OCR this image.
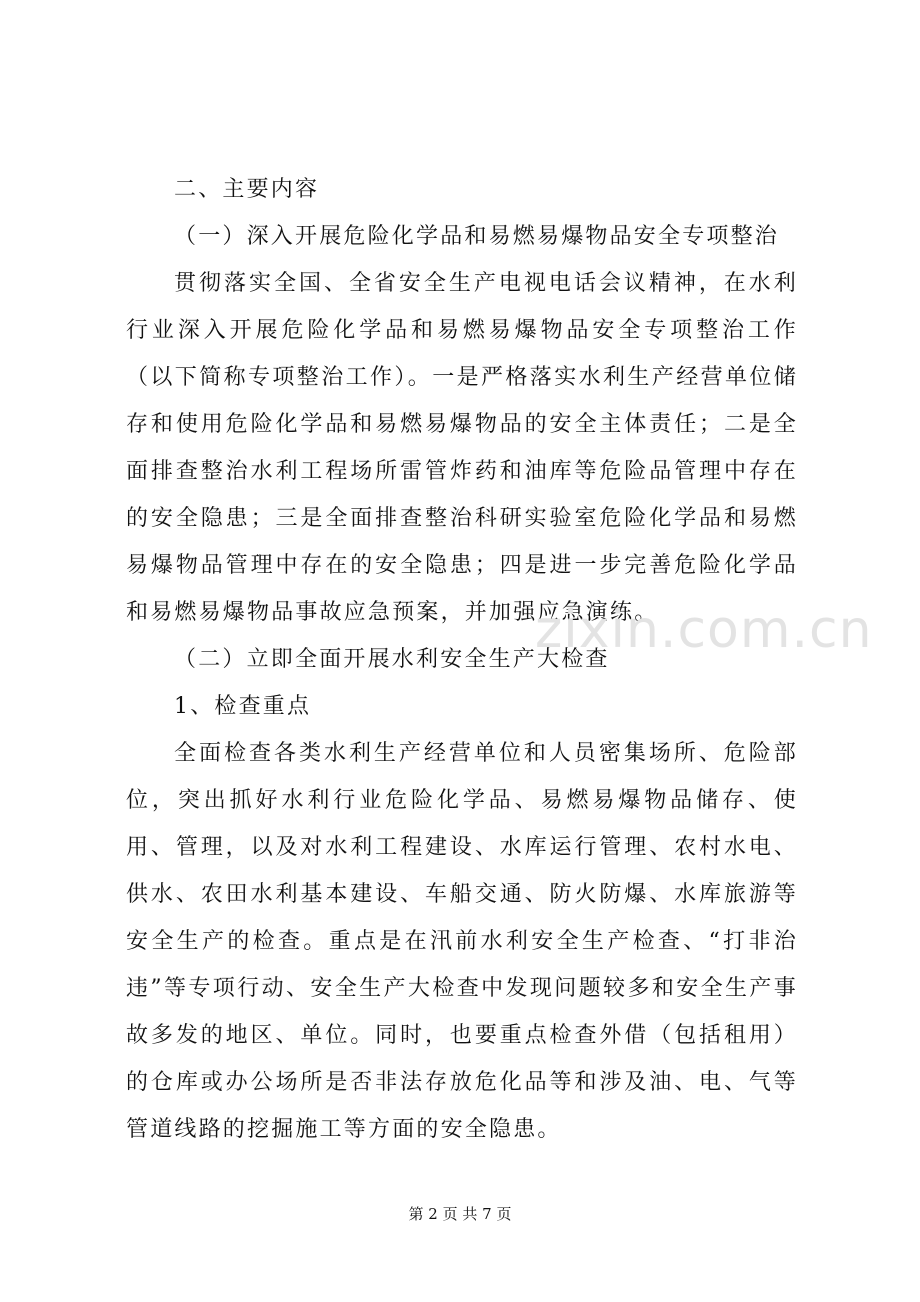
二、主要内容

（一）深入开展危险化学品和易燃易爆物品安全专项整治

贯彻落实全国、全省安全生产电视电话会议精神，在水利行业深入开展危险化学品和易燃易爆物品安全专项整治工作（以下简称专项整治工作）。一是严格落实水利生产经营单位储存和使用危险化学品和易燃易爆物品的安全主体责任；二是全面排查整治水利工程场所雷管炸药和油库等危险品管理中存在的安全隐患；三是全面排查整治科研实验室危险化学品和易燃易爆物品管理中存在的安全隐患；四是进一步完善危险化学品和易燃易爆物品事故应急预案，并加强应急演练。

（二）立即全面开展水利安全生产大检查

1、检查重点

全面检查各类水利生产经营单位和人员密集场所、危险部位，突出抓好水利行业危险化学品、易燃易爆物品储存、使用、管理，以及对水利工程建设、水库运行管理、农村水电、供水、农田水利基本建设、车船交通、防火防爆、水库旅游等安全生产的检查。重点是在汛前水利安全生产检查、“打非治违”等专项行动、安全生产大检查中发现问题较多和安全生产事故多发的地区、单位。同时，也要重点检查外借（包括租用）的仓库或办公场所是否非法存放危化品等和涉及油、电、气等管道线路的挖掘施工等方面的安全隐患。

zixin.com.cn
第 2 页 共 7 页
